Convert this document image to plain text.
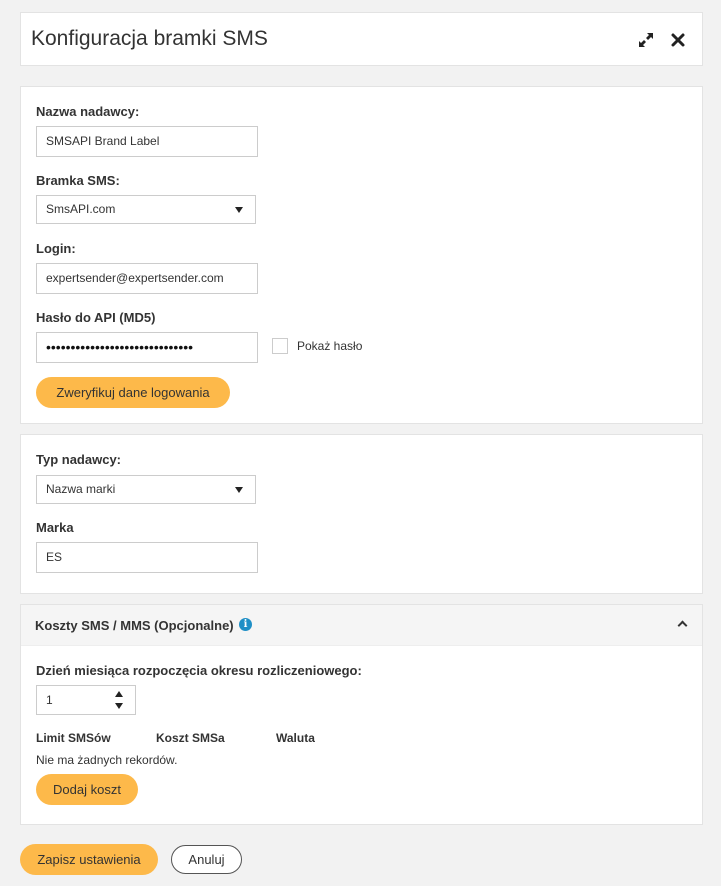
Konfiguracja bramki SMS
Nazwa nadawcy:
SMSAPI Brand Label
Bramka SMS:
SmsAPI.com
Login:
expertsender@expertsender.com
Hasło do API (MD5)
••••••••••••••••••••••••••••••	Pokaż hasło
Zweryfikuj dane logowania
Typ nadawcy:
Nazwa marki
Marka
ES
Koszty SMS / MMS (Opcjonalne) i
Dzień miesiąca rozpoczęcia okresu rozliczeniowego:
1
Limit SMSów	Koszt SMSa	Waluta
Nie ma żadnych rekordów.
Dodaj koszt
Zapisz ustawienia	Anuluj
